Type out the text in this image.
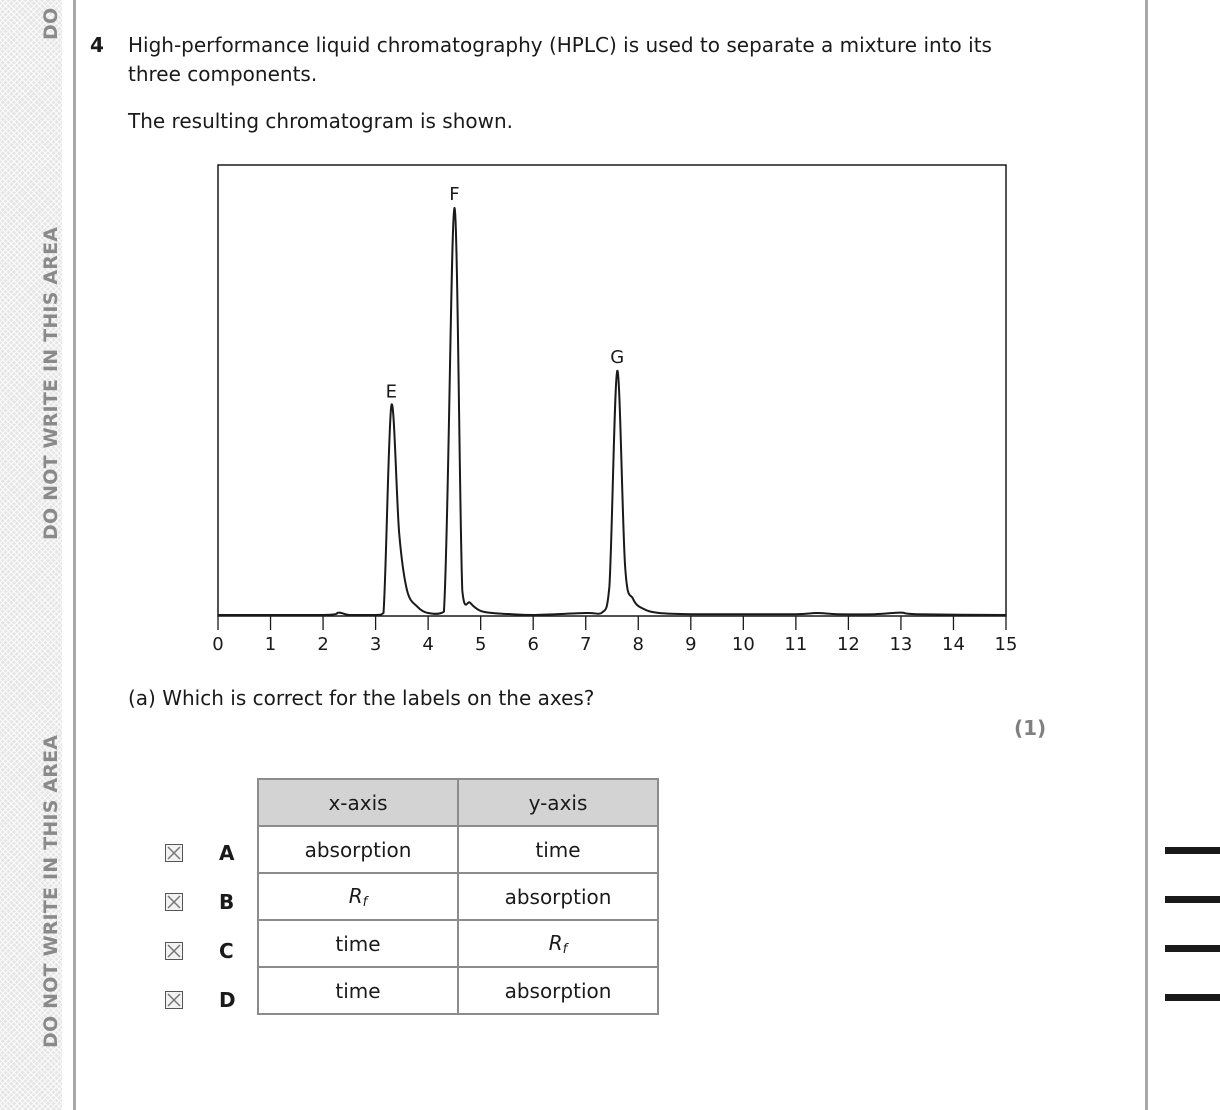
DO
DO NOT WRITE IN THIS AREA
DO NOT WRITE IN THIS AREA
4 High-performance liquid chromatography (HPLC) is used to separate a mixture into its three components.
The resulting chromatogram is shown.
0 1 2 3 4 5 6 7 8 9 10 11 12 13 14 15
E
F
G
(a) Which is correct for the labels on the axes?
(1)
A
B
C
D
x-axis	y-axis
absorption	time
Rf	absorption
time	Rf
time	absorption
